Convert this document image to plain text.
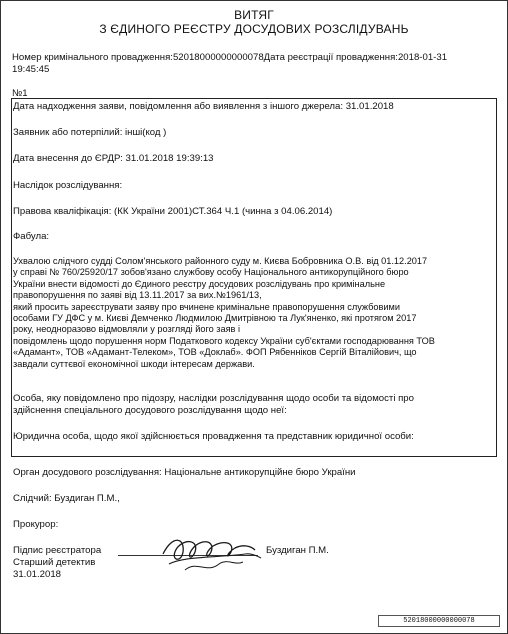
ВИТЯГ
З ЄДИНОГО РЕЄСТРУ ДОСУДОВИХ РОЗСЛІДУВАНЬ
Номер кримінального провадження:52018000000000078Дата реєстрації провадження:2018-01-31
19:45:45
№1
Дата надходження заяви, повідомлення або виявлення з іншого джерела: 31.01.2018
Заявник або потерпілий: інші(код )
Дата внесення до ЄРДР: 31.01.2018 19:39:13
Наслідок розслідування:
Правова кваліфікація: (КК України 2001)СТ.364 Ч.1 (чинна з 04.06.2014)
Фабула:
Ухвалою слідчого судді Солом'янського районного суду м. Києва Бобровника О.В. від 01.12.2017
у справі № 760/25920/17 зобов'язано службову особу Національного антикорупційного бюро
України внести відомості до Єдиного реєстру досудових розслідувань про кримінальне
правопорушення по заяві від 13.11.2017 за вих.№1961/13,
який просить зареєструвати заяву про вчинене кримінальне правопорушення службовими
особами ГУ ДФС у м. Києві Демченко Людмилою Дмитрівною та Лук'яненко, які протягом 2017
року, неодноразово відмовляли у розгляді його заяв і
повідомлень щодо порушення норм Податкового кодексу України суб'єктами господарювання ТОВ
«Адамант», ТОВ «Адамант-Телеком», ТОВ «Доклаб». ФОП Рябенніков Сергій Віталійович, що
завдали суттєвої економічної шкоди інтересам держави.
Особа, яку повідомлено про підозру, наслідки розслідування щодо особи та відомості про
здійснення спеціального досудового розслідування щодо неї:
Юридична особа, щодо якої здійснюється провадження та представник юридичної особи:
Орган досудового розслідування: Національне антикорупційне бюро України
Слідчий: Буздиган П.М.,
Прокурор:
Підпис реєстратора
Старший детектив
31.01.2018
Буздиган П.М.
52018000000000078
